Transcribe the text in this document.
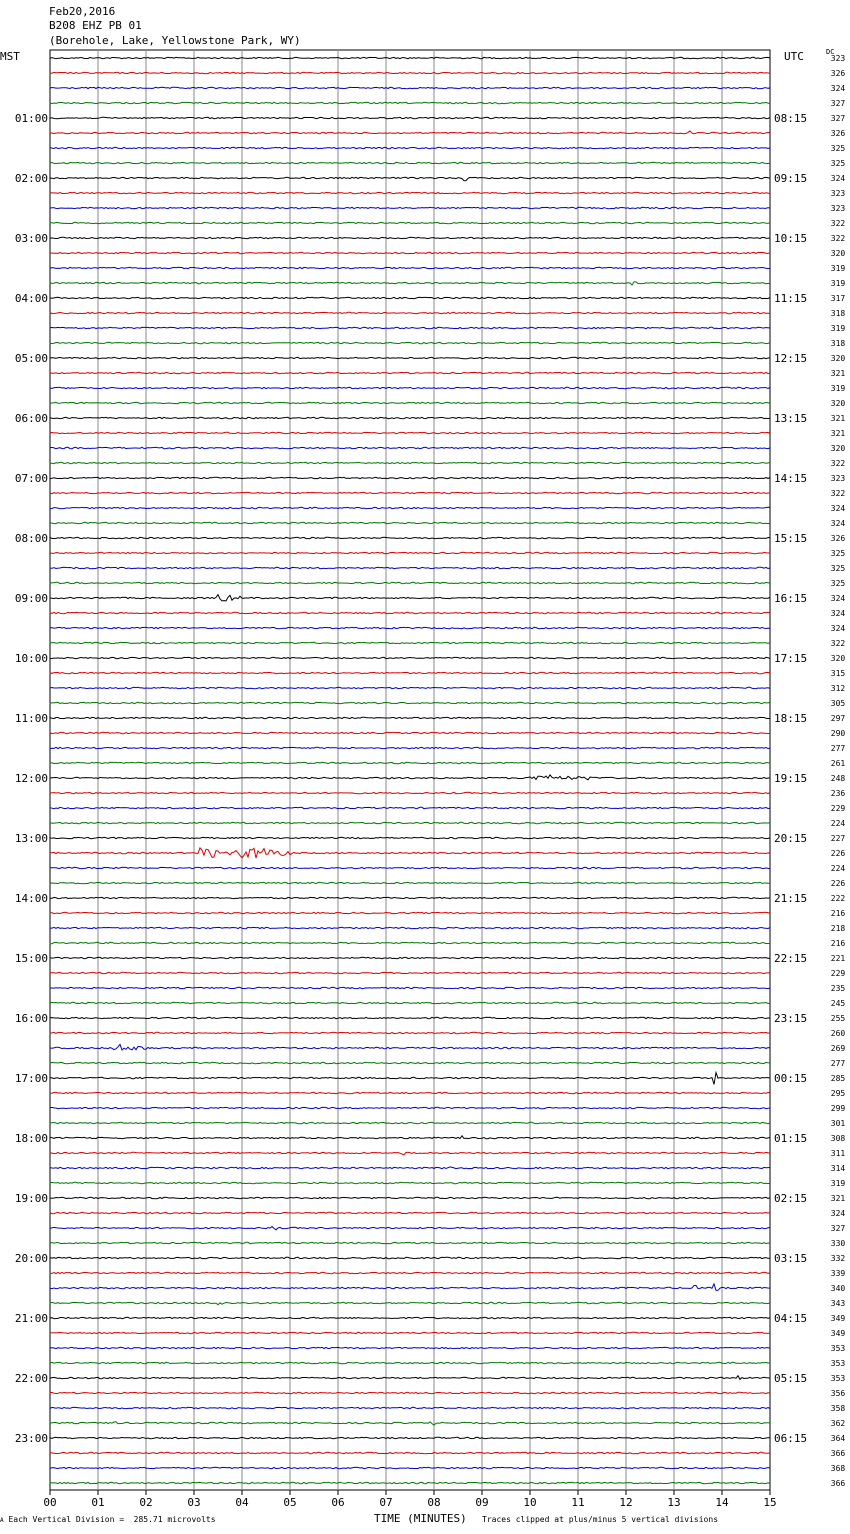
Feb20,2016
B208 EHZ PB 01
(Borehole, Lake, Yellowstone Park, WY)
MST	UTC	DC
00	01	02	03	04	05	06	07	08	09	10	11	12	13	14	15
323
326
324
327
327
326
325
325
324
323
323
322
322
320
319
319
317
318
319
318
320
321
319
320
321
321
320
322
323
322
324
324
326
325
325
325
324
324
324
322
320
315
312
305
297
290
277
261
248
236
229
224
227
226
224
226
222
216
218
216
221
229
235
245
255
260
269
277
285
295
299
301
308
311
314
319
321
324
327
330
332
339
340
343
349
349
353
353
353
356
358
362
364
366
368
366
01:00	08:15
02:00	09:15
03:00	10:15
04:00	11:15
05:00	12:15
06:00	13:15
07:00	14:15
08:00	15:15
09:00	16:15
10:00	17:15
11:00	18:15
12:00	19:15
13:00	20:15
14:00	21:15
15:00	22:15
16:00	23:15
17:00	00:15
18:00	01:15
19:00	02:15
20:00	03:15
21:00	04:15
22:00	05:15
23:00	06:15
A Each Vertical Division =  285.71 microvolts	TIME (MINUTES) Traces clipped at plus/minus 5 vertical divisions
